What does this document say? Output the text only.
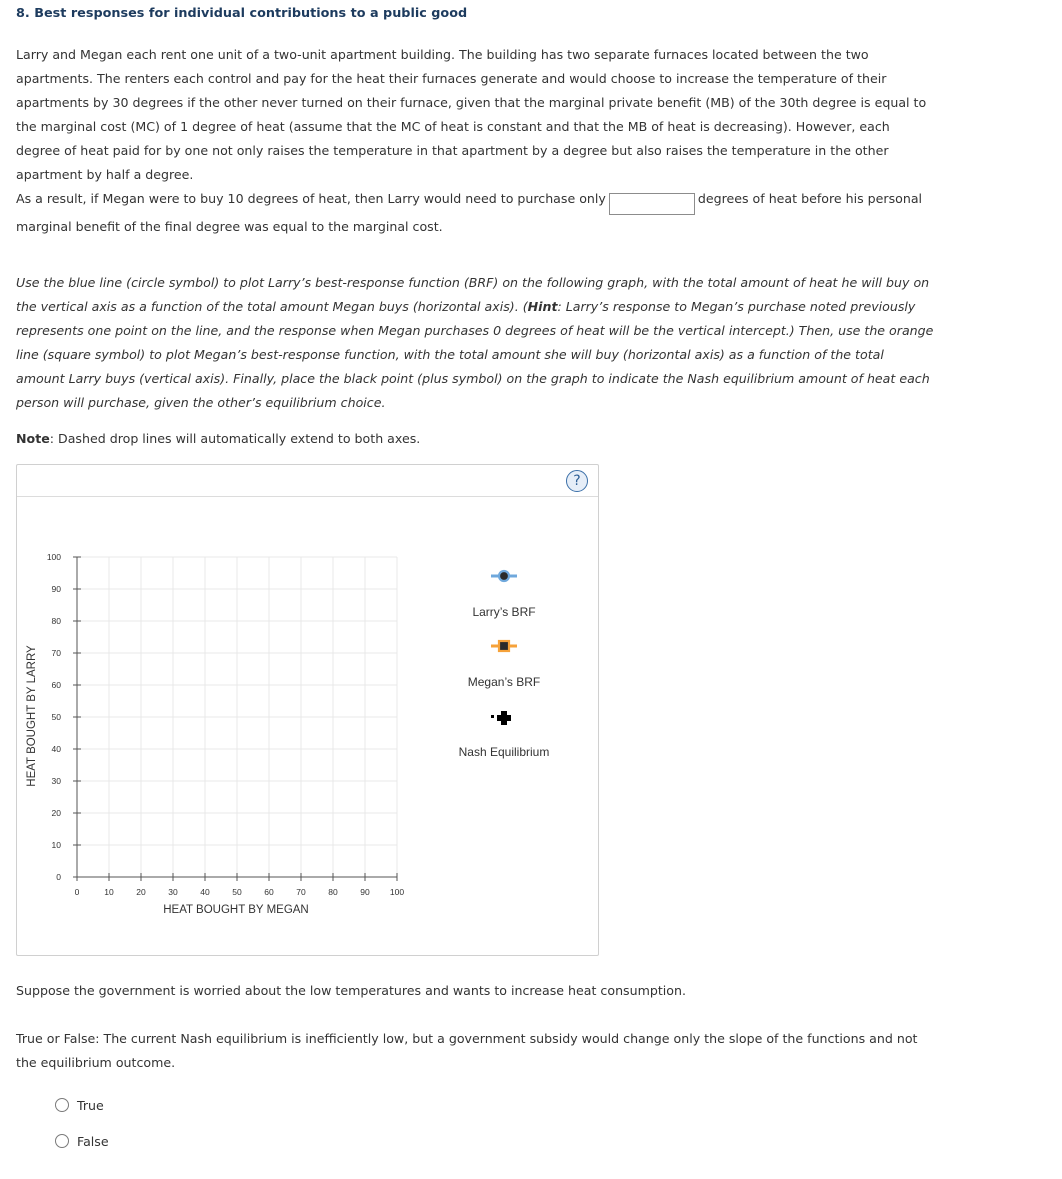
8. Best responses for individual contributions to a public good

Larry and Megan each rent one unit of a two-unit apartment building. The building has two separate furnaces located between the two apartments. The renters each control and pay for the heat their furnaces generate and would choose to increase the temperature of their apartments by 30 degrees if the other never turned on their furnace, given that the marginal private benefit (MB) of the 30th degree is equal to the marginal cost (MC) of 1 degree of heat (assume that the MC of heat is constant and that the MB of heat is decreasing). However, each degree of heat paid for by one not only raises the temperature in that apartment by a degree but also raises the temperature in the other apartment by half a degree.

As a result, if Megan were to buy 10 degrees of heat, then Larry would need to purchase only	degrees of heat before his personal marginal benefit of the final degree was equal to the marginal cost.

Use the blue line (circle symbol) to plot Larry’s best-response function (BRF) on the following graph, with the total amount of heat he will buy on the vertical axis as a function of the total amount Megan buys (horizontal axis). (Hint: Larry’s response to Megan’s purchase noted previously represents one point on the line, and the response when Megan purchases 0 degrees of heat will be the vertical intercept.) Then, use the orange line (square symbol) to plot Megan’s best-response function, with the total amount she will buy (horizontal axis) as a function of the total amount Larry buys (vertical axis). Finally, place the black point (plus symbol) on the graph to indicate the Nash equilibrium amount of heat each person will purchase, given the other’s equilibrium choice.

Note: Dashed drop lines will automatically extend to both axes.

?
0
10
20
30
40
50
60
70
80
90
100
0	10	20	30	40	50	60	70	80	90 100
HEAT BOUGHT BY MEGAN
HEAT BOUGHT BY LARRY
Larry’s BRF
Megan’s BRF
Nash Equilibrium

Suppose the government is worried about the low temperatures and wants to increase heat consumption.

True or False: The current Nash equilibrium is inefficiently low, but a government subsidy would change only the slope of the functions and not the equilibrium outcome.

True
False
